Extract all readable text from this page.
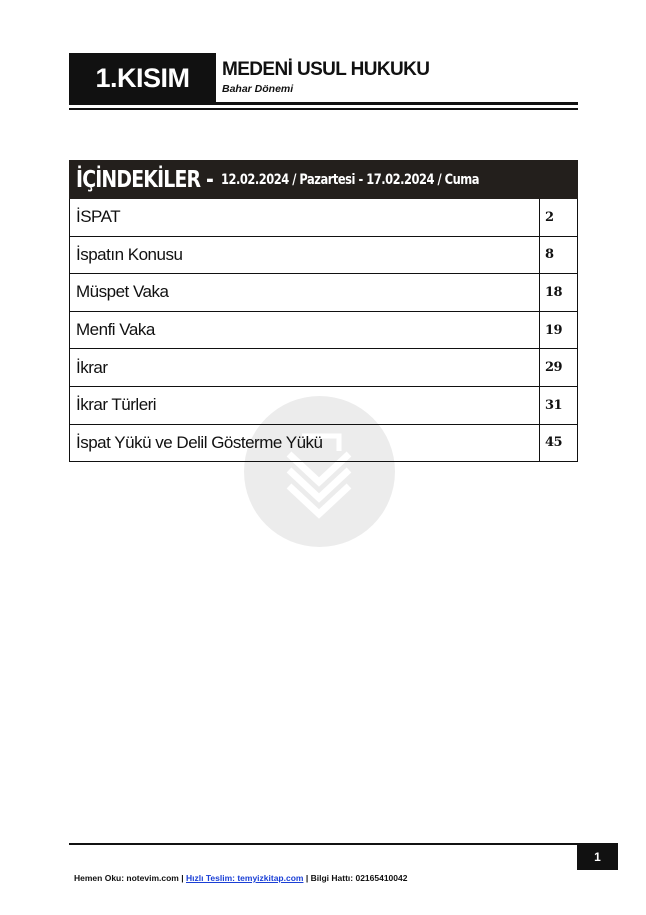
1.KISIM	MEDENİ USUL HUKUKU
Bahar Dönemi
İÇİNDEKİLER - 12.02.2024 / Pazartesi - 17.02.2024 / Cuma
İSPAT	2
İspatın Konusu	8
Müspet Vaka	18
Menfi Vaka	19
İkrar	29
İkrar Türleri	31
İspat Yükü ve Delil Gösterme Yükü	45
1
Hemen Oku: notevim.com | Hızlı Teslim: temyizkitap.com | Bilgi Hattı: 02165410042
